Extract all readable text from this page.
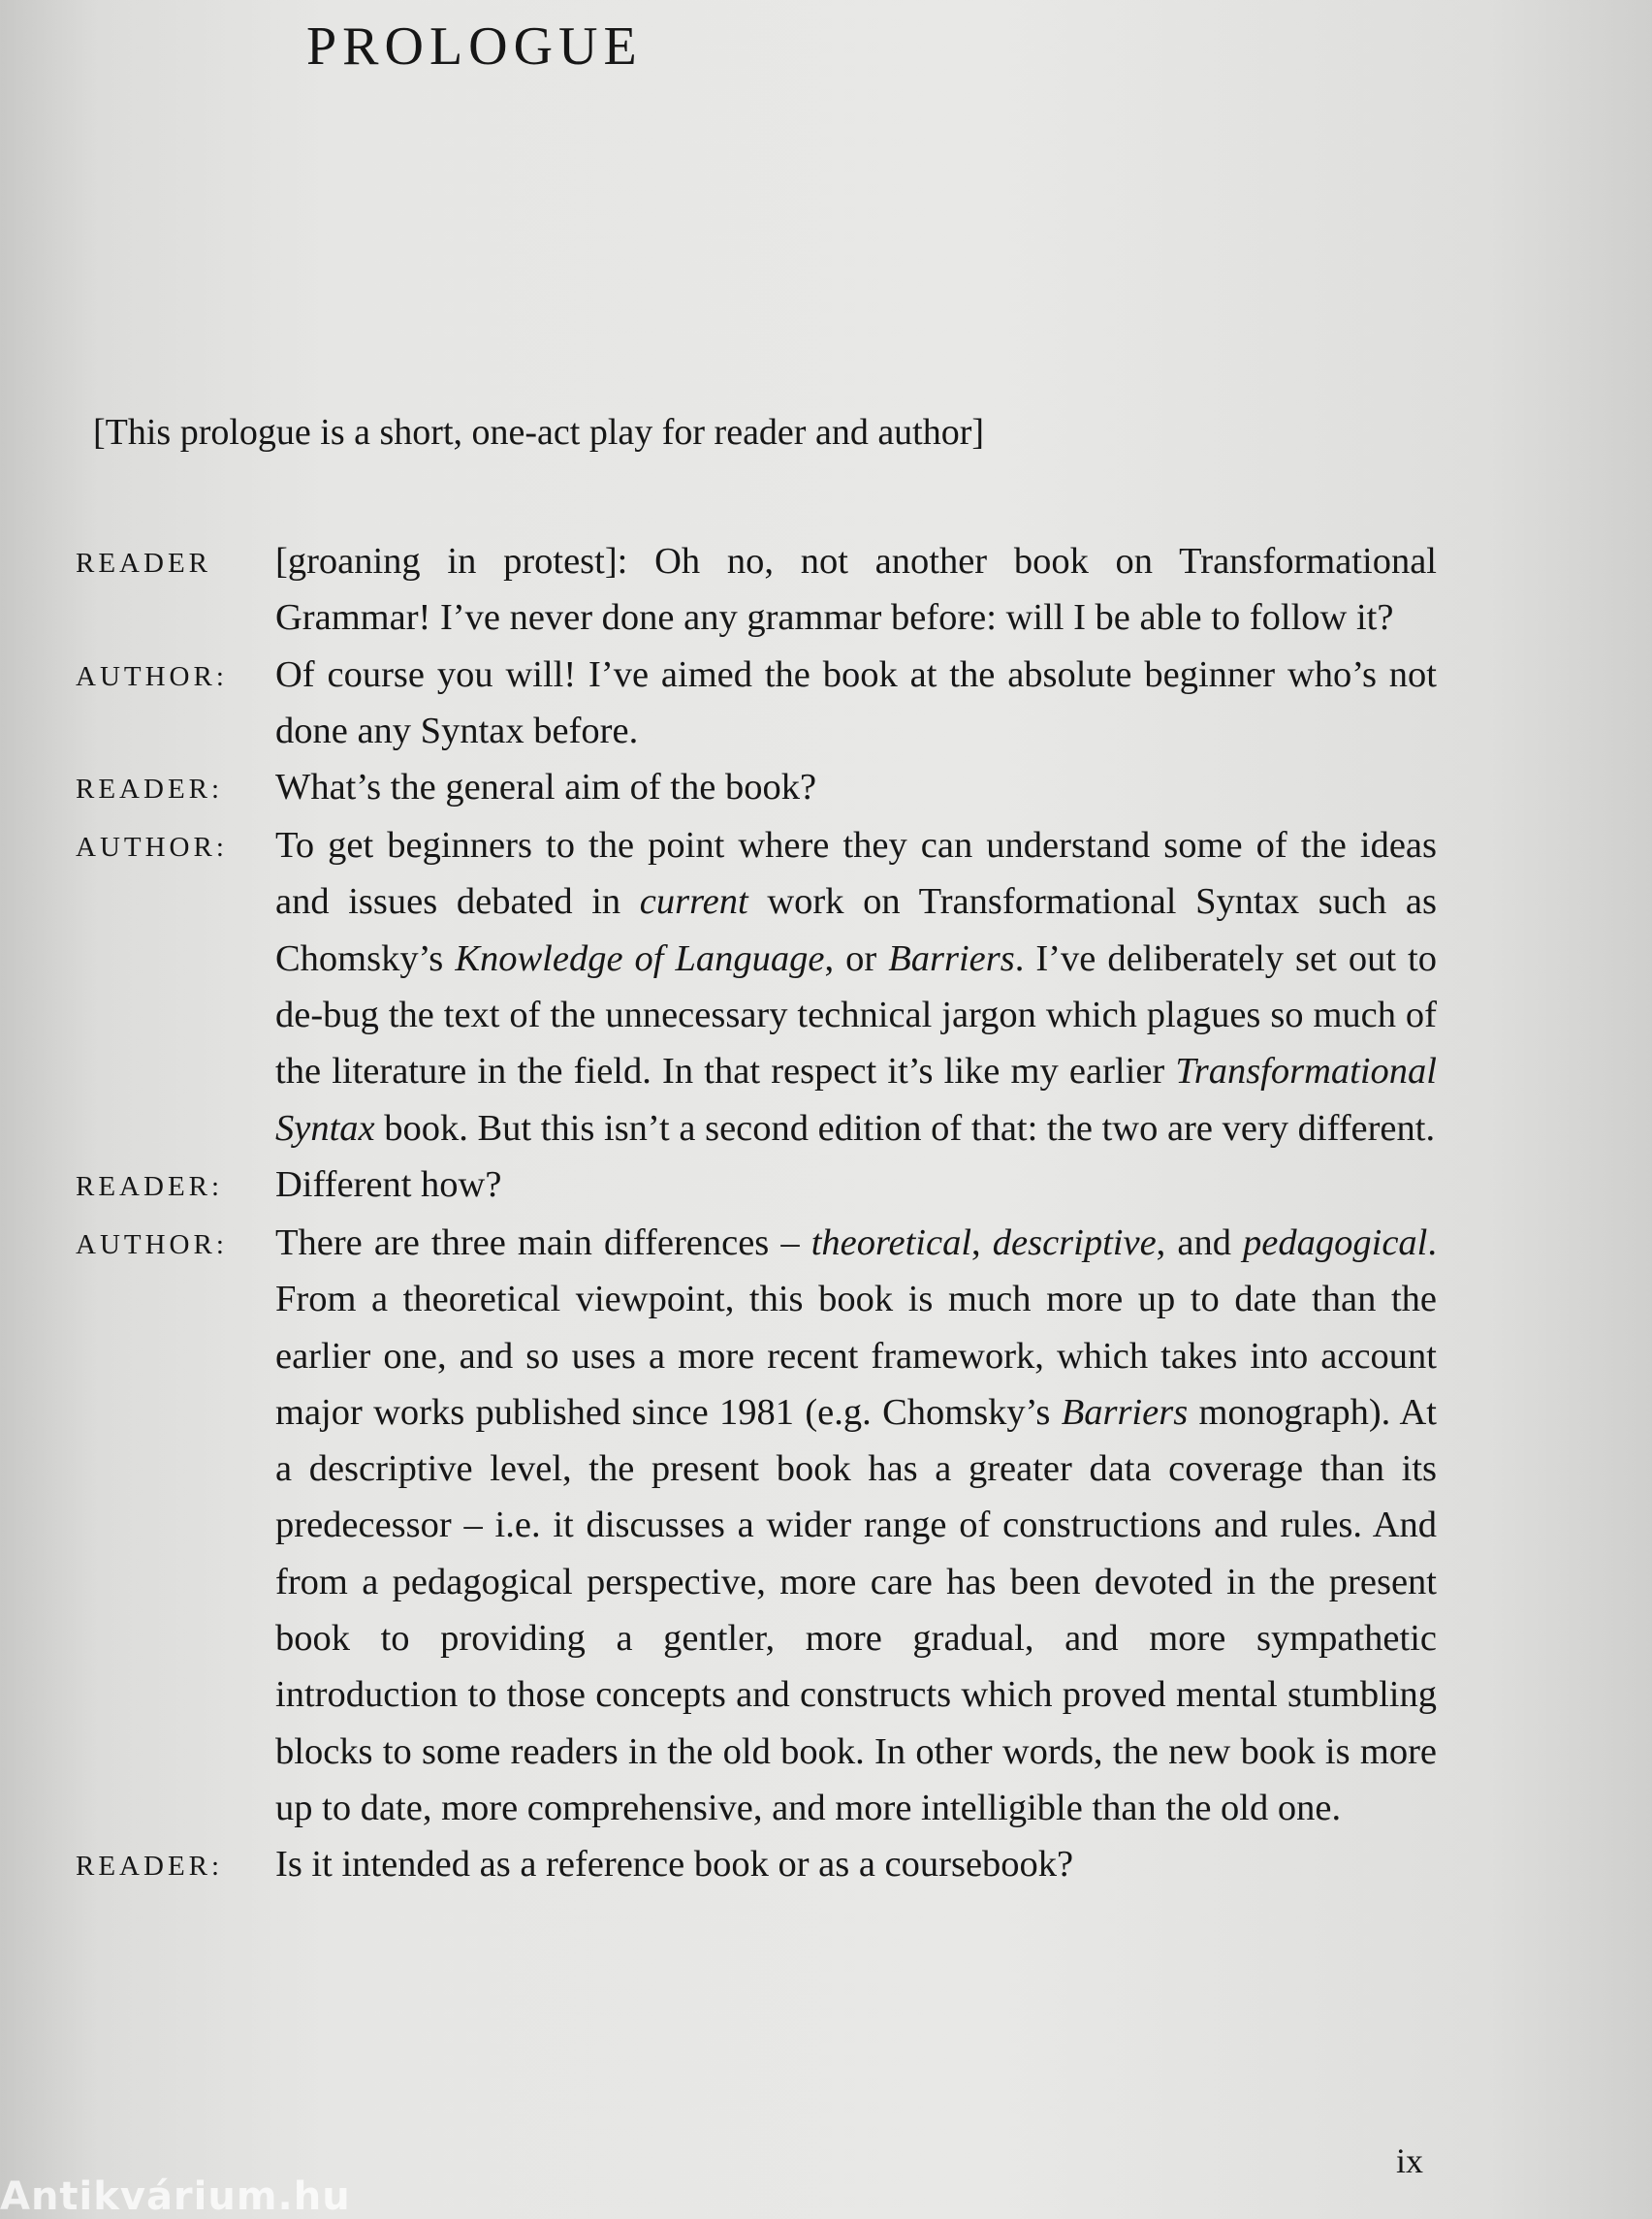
PROLOGUE
[This prologue is a short, one-act play for reader and author]
READER	[groaning in protest]: Oh no, not another book on Transformational Grammar! I’ve never done any grammar before: will I be able to follow it?
AUTHOR:	Of course you will! I’ve aimed the book at the absolute beginner who’s not done any Syntax before.
READER:	What’s the general aim of the book?
AUTHOR:	To get beginners to the point where they can understand some of the ideas and issues debated in current work on Transformational Syntax such as Chomsky’s Knowledge of Language, or Barriers. I’ve deliberately set out to de-bug the text of the unnecessary technical jargon which plagues so much of the literature in the field. In that respect it’s like my earlier Transformational Syntax book. But this isn’t a second edition of that: the two are very different.
READER:	Different how?
AUTHOR:	There are three main differences – theoretical, descriptive, and pedagogical. From a theoretical viewpoint, this book is much more up to date than the earlier one, and so uses a more recent framework, which takes into account major works published since 1981 (e.g. Chomsky’s Barriers monograph). At a descriptive level, the present book has a greater data coverage than its predecessor – i.e. it discusses a wider range of constructions and rules. And from a pedagogical perspective, more care has been devoted in the present book to providing a gentler, more gradual, and more sympathetic introduction to those concepts and constructs which proved mental stumbling blocks to some readers in the old book. In other words, the new book is more up to date, more comprehensive, and more intelligible than the old one.
READER:	Is it intended as a reference book or as a coursebook?
ix
Antikvárium.hu
